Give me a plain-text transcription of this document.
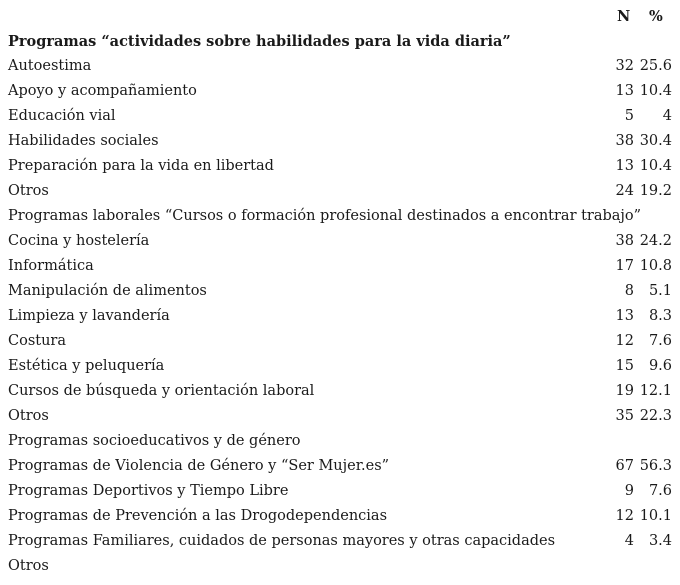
N %
Programas “actividades sobre habilidades para la vida diaria”
Autoestima	32 25.6
Apoyo y acompañamiento	13 10.4
Educación vial	5 4
Habilidades sociales	38 30.4
Preparación para la vida en libertad	13 10.4
Otros	24 19.2
Programas laborales “Cursos o formación profesional destinados a encontrar trabajo”
Cocina y hostelería	38 24.2
Informática	17 10.8
Manipulación de alimentos	8 5.1
Limpieza y lavandería	13 8.3
Costura	12 7.6
Estética y peluquería	15 9.6
Cursos de búsqueda y orientación laboral	19 12.1
Otros	35 22.3
Programas socioeducativos y de género
Programas de Violencia de Género y “Ser Mujer.es”	67 56.3
Programas Deportivos y Tiempo Libre	9 7.6
Programas de Prevención a las Drogodependencias	12 10.1
Programas Familiares, cuidados de personas mayores y otras capacidades	4 3.4
Otros
